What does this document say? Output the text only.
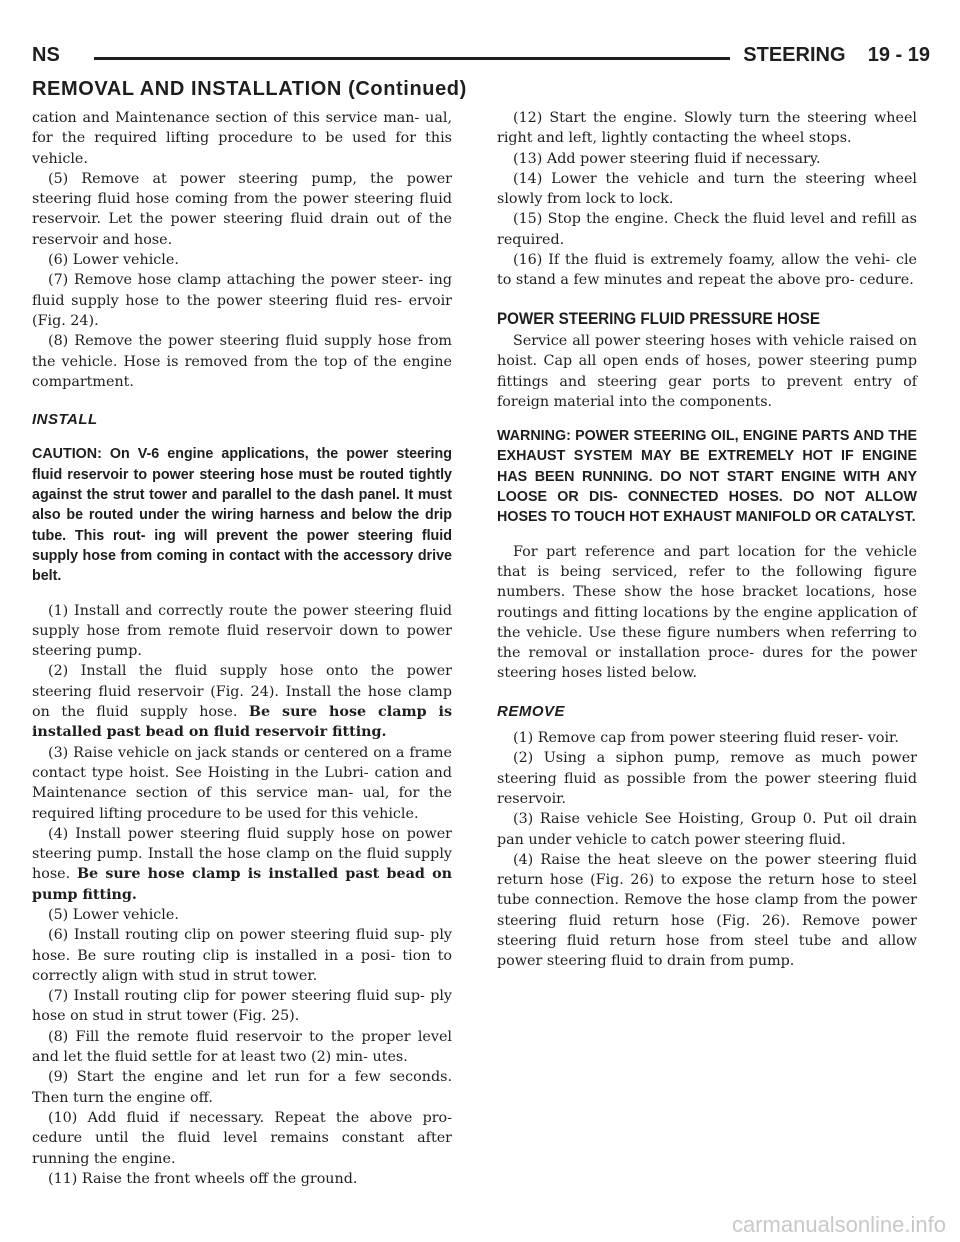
NS	STEERING    19 - 19
REMOVAL AND INSTALLATION (Continued)

cation and Maintenance section of this service man- ual, for the required lifting procedure to be used for this vehicle.

(5) Remove at power steering pump, the power steering fluid hose coming from the power steering fluid reservoir. Let the power steering fluid drain out of the reservoir and hose.

(6) Lower vehicle.

(7) Remove hose clamp attaching the power steer- ing fluid supply hose to the power steering fluid res- ervoir (Fig. 24).

(8) Remove the power steering fluid supply hose from the vehicle. Hose is removed from the top of the engine compartment.

INSTALL

CAUTION: On V-6 engine applications, the power steering fluid reservoir to power steering hose must be routed tightly against the strut tower and parallel to the dash panel. It must also be routed under the wiring harness and below the drip tube. This rout- ing will prevent the power steering fluid supply hose from coming in contact with the accessory drive belt.

(1) Install and correctly route the power steering fluid supply hose from remote fluid reservoir down to power steering pump.

(2) Install the fluid supply hose onto the power steering fluid reservoir (Fig. 24). Install the hose clamp on the fluid supply hose. Be sure hose clamp is installed past bead on fluid reservoir fitting.

(3) Raise vehicle on jack stands or centered on a frame contact type hoist. See Hoisting in the Lubri- cation and Maintenance section of this service man- ual, for the required lifting procedure to be used for this vehicle.

(4) Install power steering fluid supply hose on power steering pump. Install the hose clamp on the fluid supply hose. Be sure hose clamp is installed past bead on pump fitting.

(5) Lower vehicle.

(6) Install routing clip on power steering fluid sup- ply hose. Be sure routing clip is installed in a posi- tion to correctly align with stud in strut tower.

(7) Install routing clip for power steering fluid sup- ply hose on stud in strut tower (Fig. 25).

(8) Fill the remote fluid reservoir to the proper level and let the fluid settle for at least two (2) min- utes.

(9) Start the engine and let run for a few seconds. Then turn the engine off.

(10) Add fluid if necessary. Repeat the above pro- cedure until the fluid level remains constant after running the engine.

(11) Raise the front wheels off the ground.

(12) Start the engine. Slowly turn the steering wheel right and left, lightly contacting the wheel stops.

(13) Add power steering fluid if necessary.

(14) Lower the vehicle and turn the steering wheel slowly from lock to lock.

(15) Stop the engine. Check the fluid level and refill as required.

(16) If the fluid is extremely foamy, allow the vehi- cle to stand a few minutes and repeat the above pro- cedure.

POWER STEERING FLUID PRESSURE HOSE

Service all power steering hoses with vehicle raised on hoist. Cap all open ends of hoses, power steering pump fittings and steering gear ports to prevent entry of foreign material into the components.

WARNING: POWER STEERING OIL, ENGINE PARTS AND THE EXHAUST SYSTEM MAY BE EXTREMELY HOT IF ENGINE HAS BEEN RUNNING. DO NOT START ENGINE WITH ANY LOOSE OR DIS- CONNECTED HOSES. DO NOT ALLOW HOSES TO TOUCH HOT EXHAUST MANIFOLD OR CATALYST.

For part reference and part location for the vehicle that is being serviced, refer to the following figure numbers. These show the hose bracket locations, hose routings and fitting locations by the engine application of the vehicle. Use these figure numbers when referring to the removal or installation proce- dures for the power steering hoses listed below.

REMOVE

(1) Remove cap from power steering fluid reser- voir.

(2) Using a siphon pump, remove as much power steering fluid as possible from the power steering fluid reservoir.

(3) Raise vehicle See Hoisting, Group 0. Put oil drain pan under vehicle to catch power steering fluid.

(4) Raise the heat sleeve on the power steering fluid return hose (Fig. 26) to expose the return hose to steel tube connection. Remove the hose clamp from the power steering fluid return hose (Fig. 26). Remove power steering fluid return hose from steel tube and allow power steering fluid to drain from pump.

carmanualsonline.info
